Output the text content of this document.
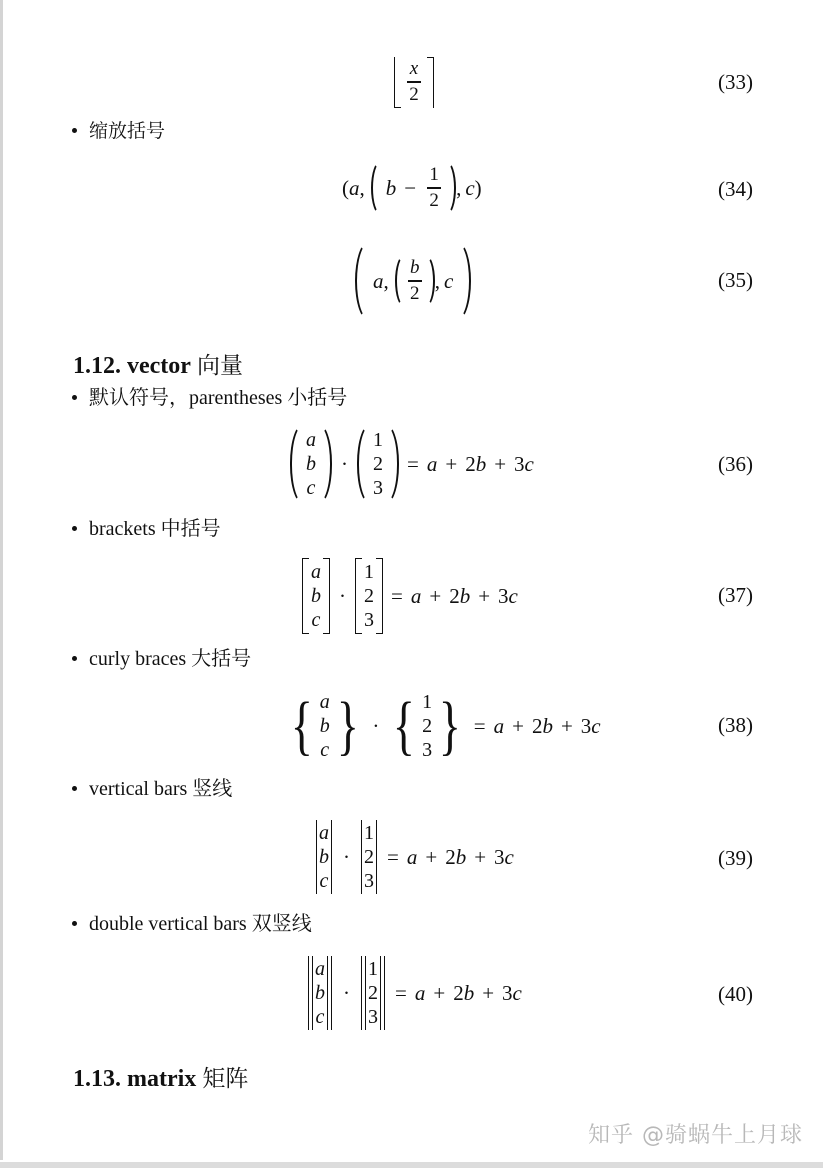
$\frac{x}{2}$	(33)
缩放括号
( a , $b - \frac{1}{2}$ , c )	(34)
a , $\frac{b}{2}$ , c	(35)
1.12. vector 向量
默认符号，parentheses 小括号
a
b
c
·
1
2
3
= a + 2b + 3c	(36)
brackets 中括号
a
b
c
·
1
2
3
= a + 2b + 3c	(37)
curly braces 大括号
{ a
b
c } · { 1
2
3 } = a + 2b + 3c	(38)
vertical bars 竖线
a
b
c
·
1
2
3
= a + 2b + 3c	(39)
double vertical bars 双竖线
a
b
c
·
1
2
3
= a + 2b + 3c	(40)
1.13. matrix 矩阵
知乎 @骑蜗牛上月球
